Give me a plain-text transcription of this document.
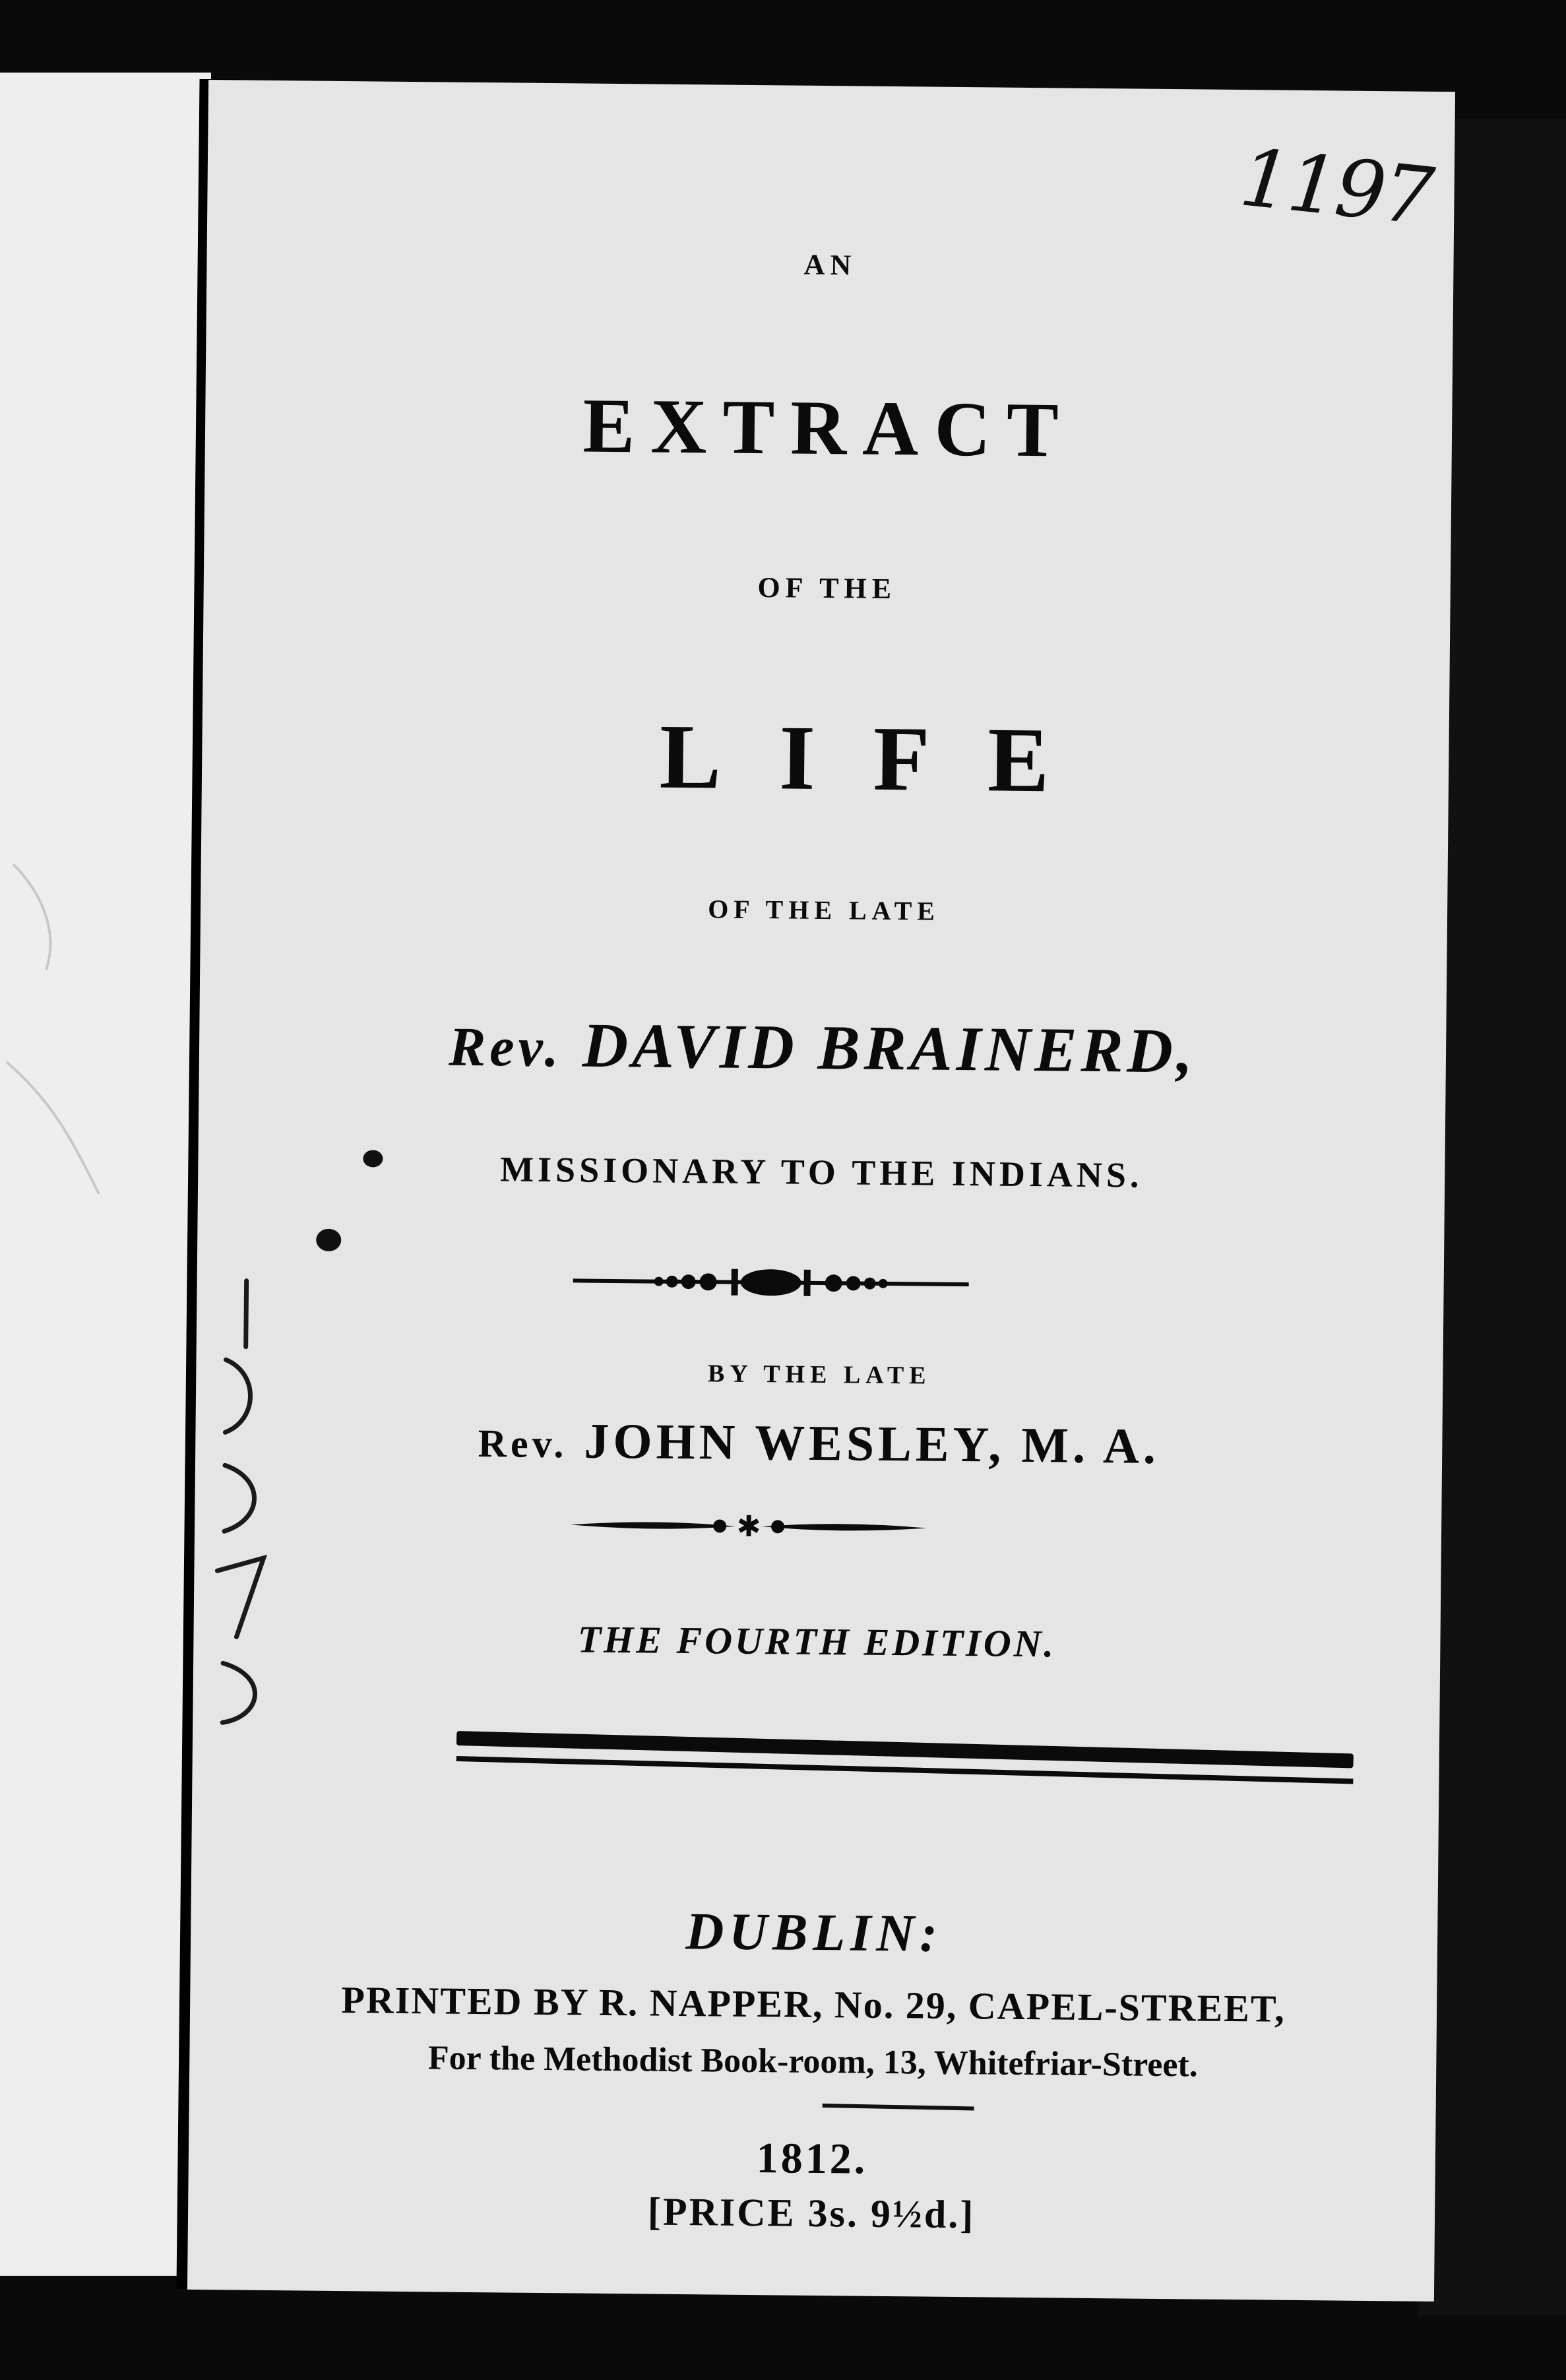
AN
EXTRACT
OF THE
LIFE
OF THE LATE
Rev. DAVID BRAINERD,
MISSIONARY TO THE INDIANS.
BY THE LATE
Rev. JOHN WESLEY, M. A.
✱
THE FOURTH EDITION.
DUBLIN:
PRINTED BY R. NAPPER, No. 29, CAPEL-STREET,
For the Methodist Book-room, 13, Whitefriar-Street.
1812.
[PRICE 3s. 9½d.]
1197
